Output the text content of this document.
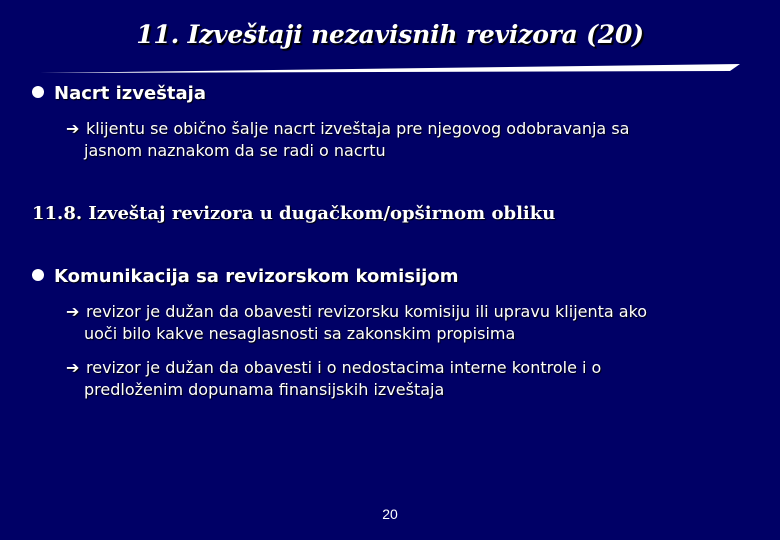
11. Izveštaji nezavisnih revizora (20)
Nacrt izveštaja
➔ klijentu se obično šalje nacrt izveštaja pre njegovog odobravanja sa
jasnom naznakom da se radi o nacrtu
11.8. Izveštaj revizora u dugačkom/opširnom obliku
Komunikacija sa revizorskom komisijom
➔ revizor je dužan da obavesti revizorsku komisiju ili upravu klijenta ako
uoči bilo kakve nesaglasnosti sa zakonskim propisima
➔ revizor je dužan da obavesti i o nedostacima interne kontrole i o
predloženim dopunama finansijskih izveštaja
20
